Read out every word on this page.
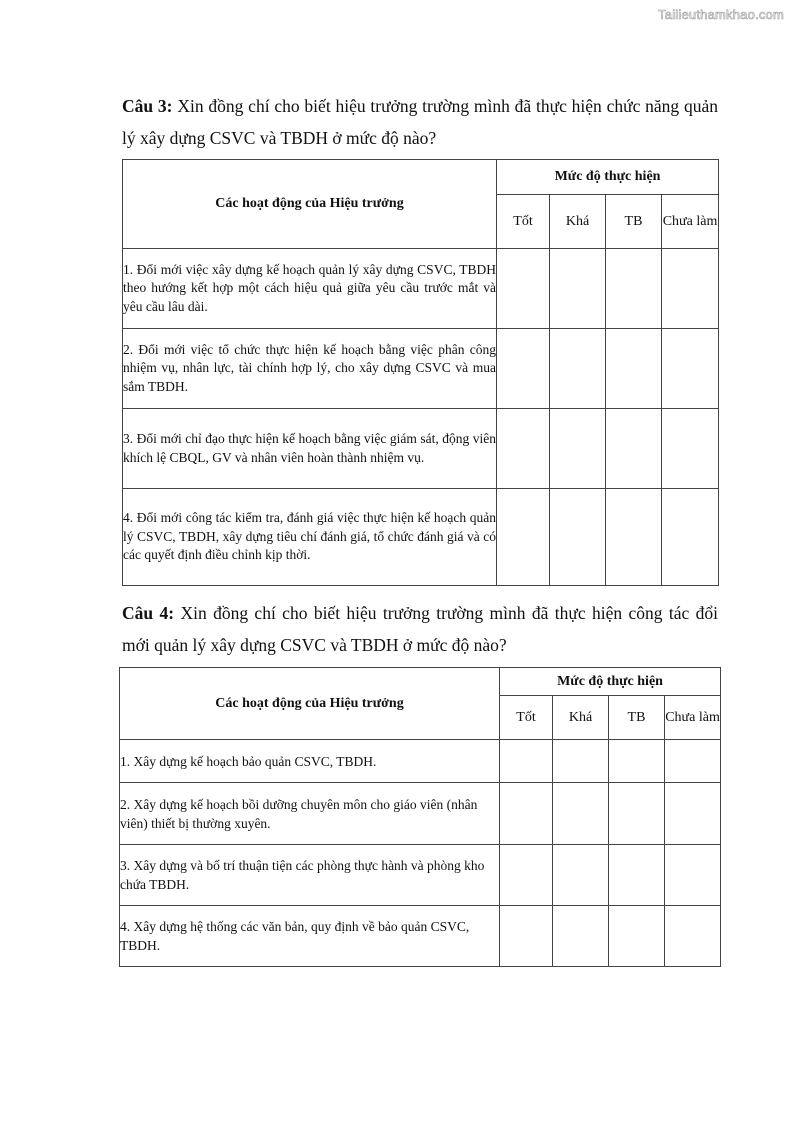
Tailieuthamkhao.com
Câu 3: Xin đồng chí cho biết hiệu trưởng trường mình đã thực hiện chức năng quản lý xây dựng CSVC và TBDH ở mức độ nào?
Các hoạt động của Hiệu trưởng	Mức độ thực hiện			
	Tốt	Khá	TB	Chưa làm
1. Đổi mới việc xây dựng kế hoạch quản lý xây dựng CSVC, TBDH theo hướng kết hợp một cách hiệu quả giữa yêu cầu trước mắt và yêu cầu lâu dài.				
2. Đổi mới việc tổ chức thực hiện kế hoạch bằng việc phân công nhiệm vụ, nhân lực, tài chính hợp lý, cho xây dựng CSVC và mua sắm TBDH.				
3. Đổi mới chỉ đạo thực hiện kế hoạch bằng việc giám sát, động viên khích lệ CBQL, GV và nhân viên hoàn thành nhiệm vụ.				
4. Đổi mới công tác kiểm tra, đánh giá việc thực hiện kế hoạch quản lý CSVC, TBDH, xây dựng tiêu chí đánh giá, tổ chức đánh giá và có các quyết định điều chỉnh kịp thời.				
Câu 4: Xin đồng chí cho biết hiệu trưởng trường mình đã thực hiện công tác đổi mới quản lý xây dựng CSVC và TBDH ở mức độ nào?
Các hoạt động của Hiệu trưởng	Mức độ thực hiện			
	Tốt	Khá	TB	Chưa làm
1. Xây dựng kế hoạch bảo quản CSVC, TBDH.				
2. Xây dựng kế hoạch bồi dưỡng chuyên môn cho giáo viên (nhân viên) thiết bị thường xuyên.				
3. Xây dựng và bố trí thuận tiện các phòng thực hành và phòng kho chứa TBDH.				
4. Xây dựng hệ thống các văn bản, quy định về bảo quản CSVC, TBDH.				
